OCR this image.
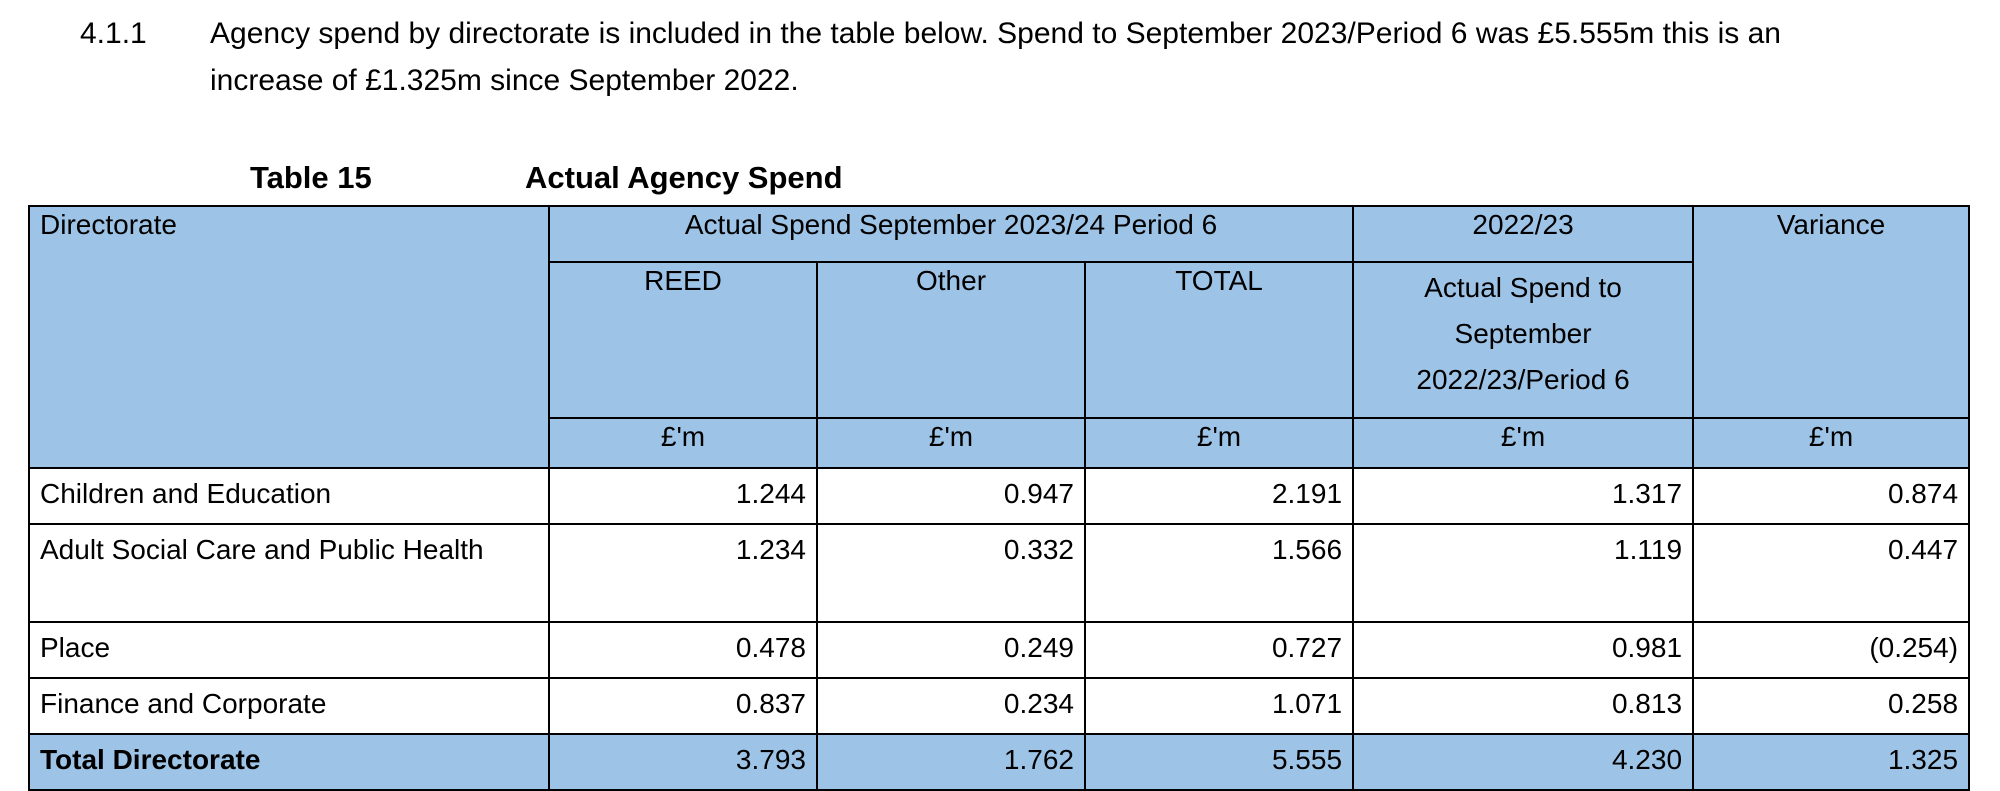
4.1.1	Agency spend by directorate is included in the table below. Spend to September 2023/Period 6 was £5.555m this is an increase of £1.325m since September 2022.
Table 15	Actual Agency Spend
Directorate	Actual Spend September 2023/24 Period 6			2022/23	Variance
	REED	Other	TOTAL	Actual Spend to September 2022/23/Period 6	
	£'m	£'m	£'m	£'m	£'m
Children and Education	1.244	0.947	2.191	1.317	0.874
Adult Social Care and Public Health	1.234	0.332	1.566	1.119	0.447
Place	0.478	0.249	0.727	0.981	(0.254)
Finance and Corporate	0.837	0.234	1.071	0.813	0.258
Total Directorate	3.793	1.762	5.555	4.230	1.325
